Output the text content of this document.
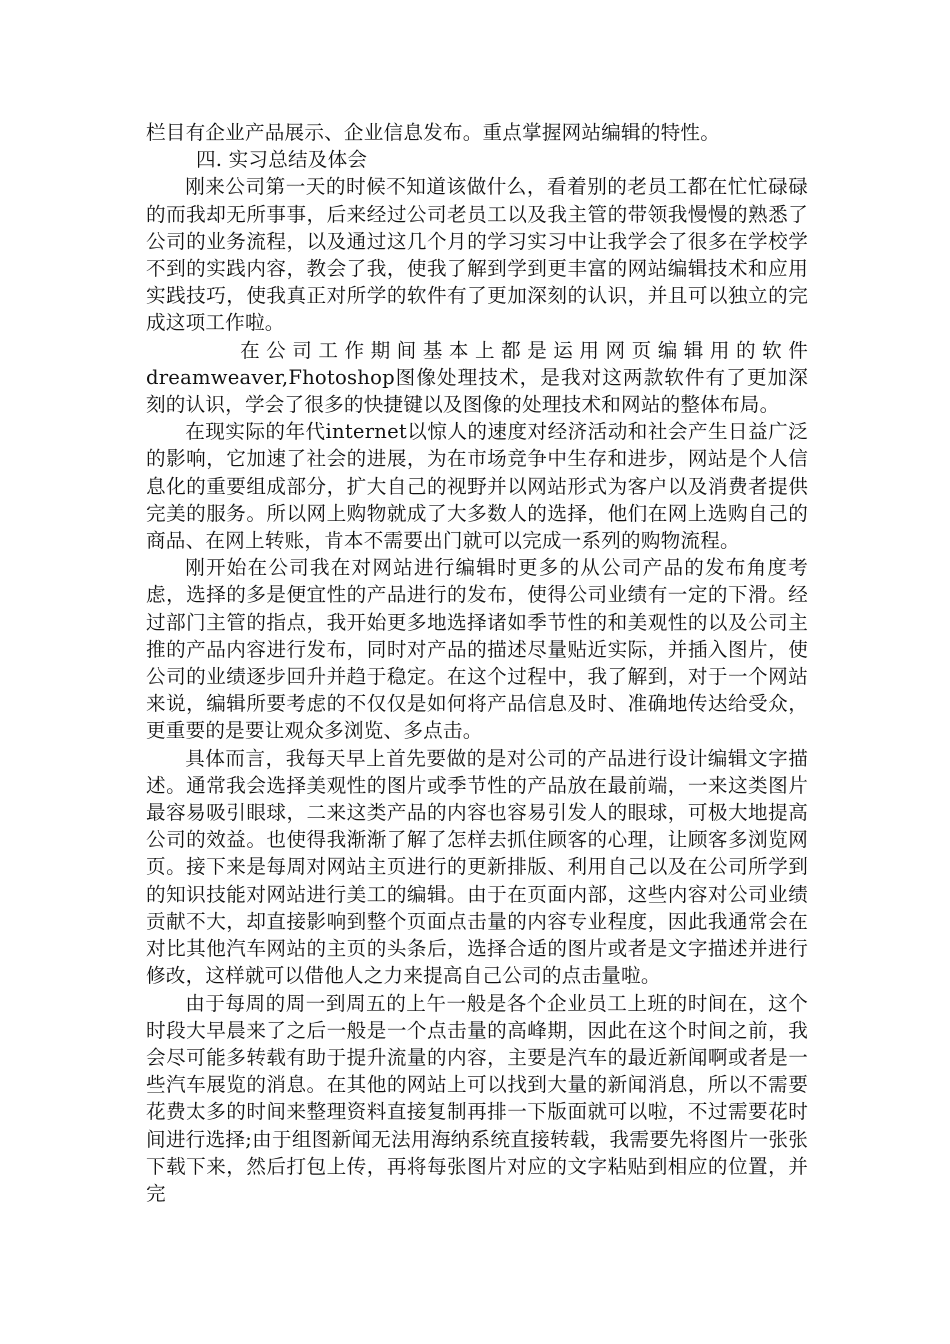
栏目有企业产品展示、企业信息发布。重点掌握网站编辑的特性。

四. 实习总结及体会

刚来公司第一天的时候不知道该做什么，看着别的老员工都在忙忙碌碌的而我却无所事事，后来经过公司老员工以及我主管的带领我慢慢的熟悉了公司的业务流程，以及通过这几个月的学习实习中让我学会了很多在学校学不到的实践内容，教会了我，使我了解到学到更丰富的网站编辑技术和应用实践技巧，使我真正对所学的软件有了更加深刻的认识，并且可以独立的完成这项工作啦。

在公司工作期间基本上都是运用网页编辑用的软件dreamweaver,Fhotoshop图像处理技术，是我对这两款软件有了更加深刻的认识，学会了很多的快捷键以及图像的处理技术和网站的整体布局。

在现实际的年代internet以惊人的速度对经济活动和社会产生日益广泛的影响，它加速了社会的进展，为在市场竞争中生存和进步，网站是个人信息化的重要组成部分，扩大自己的视野并以网站形式为客户以及消费者提供完美的服务。所以网上购物就成了大多数人的选择，他们在网上选购自己的商品、在网上转账，肯本不需要出门就可以完成一系列的购物流程。

刚开始在公司我在对网站进行编辑时更多的从公司产品的发布角度考虑，选择的多是便宜性的产品进行的发布，使得公司业绩有一定的下滑。经过部门主管的指点，我开始更多地选择诸如季节性的和美观性的以及公司主推的产品内容进行发布，同时对产品的描述尽量贴近实际，并插入图片，使公司的业绩逐步回升并趋于稳定。在这个过程中，我了解到，对于一个网站来说，编辑所要考虑的不仅仅是如何将产品信息及时、准确地传达给受众，更重要的是要让观众多浏览、多点击。

具体而言，我每天早上首先要做的是对公司的产品进行设计编辑文字描述。通常我会选择美观性的图片或季节性的产品放在最前端，一来这类图片最容易吸引眼球，二来这类产品的内容也容易引发人的眼球，可极大地提高公司的效益。也使得我渐渐了解了怎样去抓住顾客的心理，让顾客多浏览网页。接下来是每周对网站主页进行的更新排版、利用自己以及在公司所学到的知识技能对网站进行美工的编辑。由于在页面内部，这些内容对公司业绩贡献不大，却直接影响到整个页面点击量的内容专业程度，因此我通常会在对比其他汽车网站的主页的头条后，选择合适的图片或者是文字描述并进行修改，这样就可以借他人之力来提高自己公司的点击量啦。

由于每周的周一到周五的上午一般是各个企业员工上班的时间在，这个时段大早晨来了之后一般是一个点击量的高峰期，因此在这个时间之前，我会尽可能多转载有助于提升流量的内容，主要是汽车的最近新闻啊或者是一些汽车展览的消息。在其他的网站上可以找到大量的新闻消息，所以不需要花费太多的时间来整理资料直接复制再排一下版面就可以啦，不过需要花时间进行选择;由于组图新闻无法用海纳系统直接转载，我需要先将图片一张张下载下来，然后打包上传，再将每张图片对应的文字粘贴到相应的位置，并完
